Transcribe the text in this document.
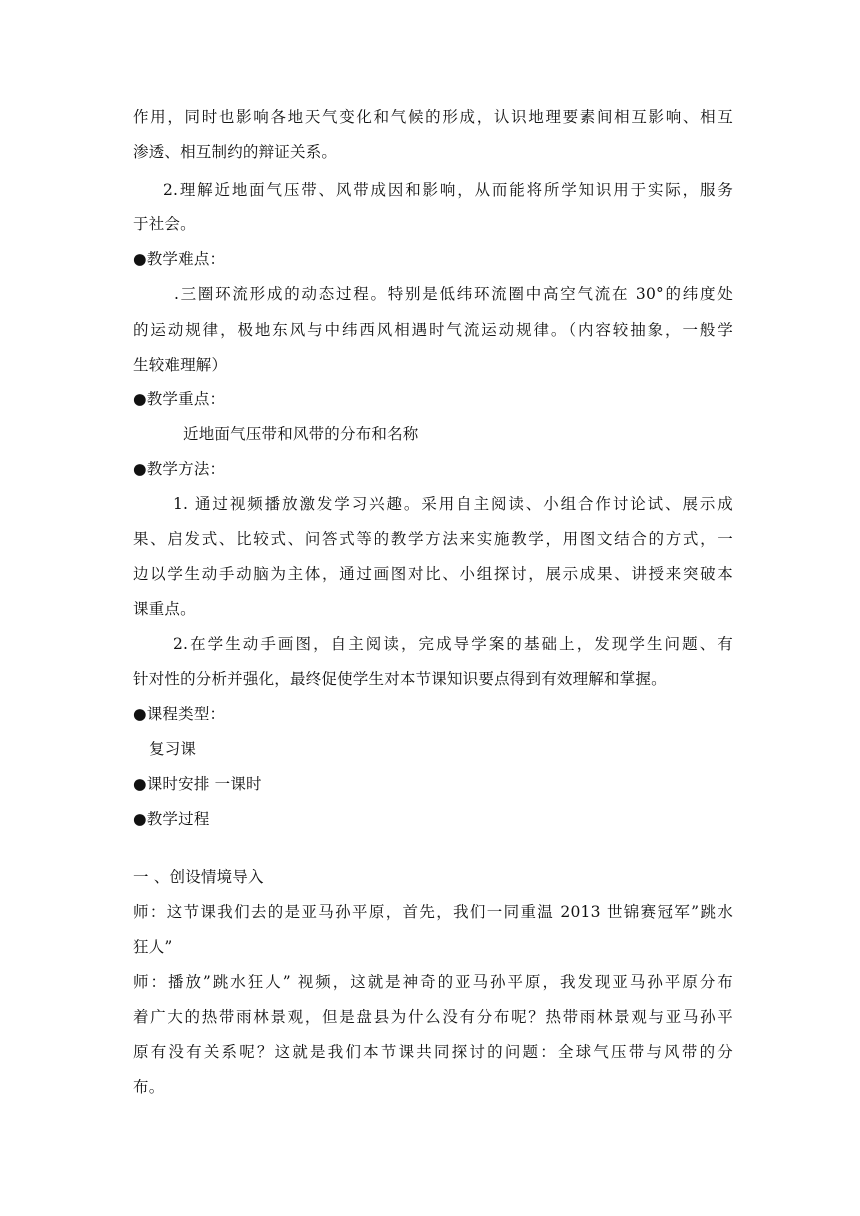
作用，同时也影响各地天气变化和气候的形成，认识地理要素间相互影响、相互
渗透、相互制约的辩证关系。
2.理解近地面气压带、风带成因和影响，从而能将所学知识用于实际，服务
于社会。
●教学难点：
.三圈环流形成的动态过程。特别是低纬环流圈中高空气流在 30°的纬度处
的运动规律，极地东风与中纬西风相遇时气流运动规律。（内容较抽象，一般学
生较难理解）
●教学重点：
近地面气压带和风带的分布和名称
●教学方法：
1. 通过视频播放激发学习兴趣。采用自主阅读、小组合作讨论试、展示成
果、启发式、比较式、问答式等的教学方法来实施教学，用图文结合的方式，一
边以学生动手动脑为主体，通过画图对比、小组探讨，展示成果、讲授来突破本
课重点。
2.在学生动手画图，自主阅读，完成导学案的基础上，发现学生问题、有
针对性的分析并强化，最终促使学生对本节课知识要点得到有效理解和掌握。
●课程类型：
复习课
●课时安排 一课时
●教学过程
一 、创设情境导入
师：这节课我们去的是亚马孙平原，首先，我们一同重温 2013 世锦赛冠军”跳水
狂人”
师：播放”跳水狂人” 视频，这就是神奇的亚马孙平原，我发现亚马孙平原分布
着广大的热带雨林景观，但是盘县为什么没有分布呢？热带雨林景观与亚马孙平
原有没有关系呢？这就是我们本节课共同探讨的问题：全球气压带与风带的分
布。
